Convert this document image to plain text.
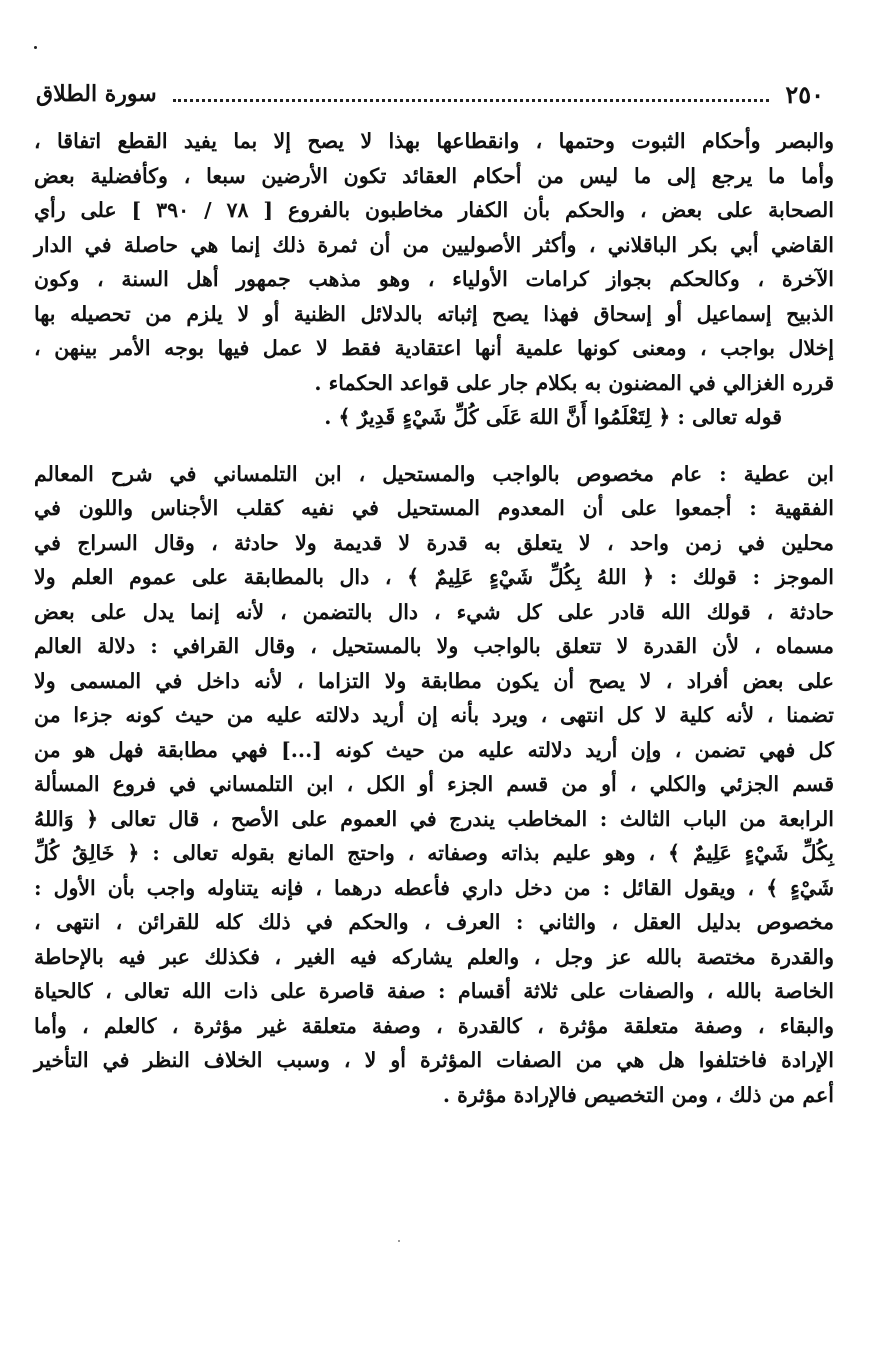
٢٥٠
سورة الطلاق

والبصر وأحكام الثبوت وحتمها ، وانقطاعها بهذا لا يصح إلا بما يفيد القطع اتفاقا ،
وأما ما يرجع إلى ما ليس من أحكام العقائد تكون الأرضين سبعا ، وكأفضلية بعض
الصحابة على بعض ، والحكم بأن الكفار مخاطبون بالفروع [ ٧٨ / ٣٩٠ ] على رأي
القاضي أبي بكر الباقلاني ، وأكثر الأصوليين من أن ثمرة ذلك إنما هي حاصلة في الدار
الآخرة ، وكالحكم بجواز كرامات الأولياء ، وهو مذهب جمهور أهل السنة ، وكون
الذبيح إسماعيل أو إسحاق فهذا يصح إثباته بالدلائل الظنية أو لا يلزم من تحصيله بها
إخلال بواجب ، ومعنى كونها علمية أنها اعتقادية فقط لا عمل فيها بوجه الأمر بينهن ،
قرره الغزالي في المضنون به بكلام جار على قواعد الحكماء .

قوله تعالى : ﴿ لِتَعْلَمُوا أَنَّ اللهَ عَلَى كُلِّ شَيْءٍ قَدِيرٌ ﴾ .

ابن عطية : عام مخصوص بالواجب والمستحيل ، ابن التلمساني في شرح المعالم
الفقهية : أجمعوا على أن المعدوم المستحيل في نفيه كقلب الأجناس واللون في
محلين في زمن واحد ، لا يتعلق به قدرة لا قديمة ولا حادثة ، وقال السراج في
الموجز : قولك : ﴿ اللهُ بِكُلِّ شَيْءٍ عَلِيمٌ ﴾ ، دال بالمطابقة على عموم العلم ولا
حادثة ، قولك الله قادر على كل شيء ، دال بالتضمن ، لأنه إنما يدل على بعض
مسماه ، لأن القدرة لا تتعلق بالواجب ولا بالمستحيل ، وقال القرافي : دلالة العالم
على بعض أفراد ، لا يصح أن يكون مطابقة ولا التزاما ، لأنه داخل في المسمى ولا
تضمنا ، لأنه كلية لا كل انتهى ، ويرد بأنه إن أريد دلالته عليه من حيث كونه جزءا من
كل فهي تضمن ، وإن أريد دلالته عليه من حيث كونه [...] فهي مطابقة فهل هو من
قسم الجزئي والكلي ، أو من قسم الجزء أو الكل ، ابن التلمساني في فروع المسألة
الرابعة من الباب الثالث : المخاطب يندرج في العموم على الأصح ، قال تعالى ﴿ وَاللهُ
بِكُلِّ شَيْءٍ عَلِيمٌ ﴾ ، وهو عليم بذاته وصفاته ، واحتج المانع بقوله تعالى : ﴿ خَالِقُ كُلِّ
شَيْءٍ ﴾ ، ويقول القائل : من دخل داري فأعطه درهما ، فإنه يتناوله واجب بأن الأول :
مخصوص بدليل العقل ، والثاني : العرف ، والحكم في ذلك كله للقرائن ، انتهى ،
والقدرة مختصة بالله عز وجل ، والعلم يشاركه فيه الغير ، فكذلك عبر فيه بالإحاطة
الخاصة بالله ، والصفات على ثلاثة أقسام : صفة قاصرة على ذات الله تعالى ، كالحياة
والبقاء ، وصفة متعلقة مؤثرة ، كالقدرة ، وصفة متعلقة غير مؤثرة ، كالعلم ، وأما
الإرادة فاختلفوا هل هي من الصفات المؤثرة أو لا ، وسبب الخلاف النظر في التأخير
أعم من ذلك ، ومن التخصيص فالإرادة مؤثرة .
